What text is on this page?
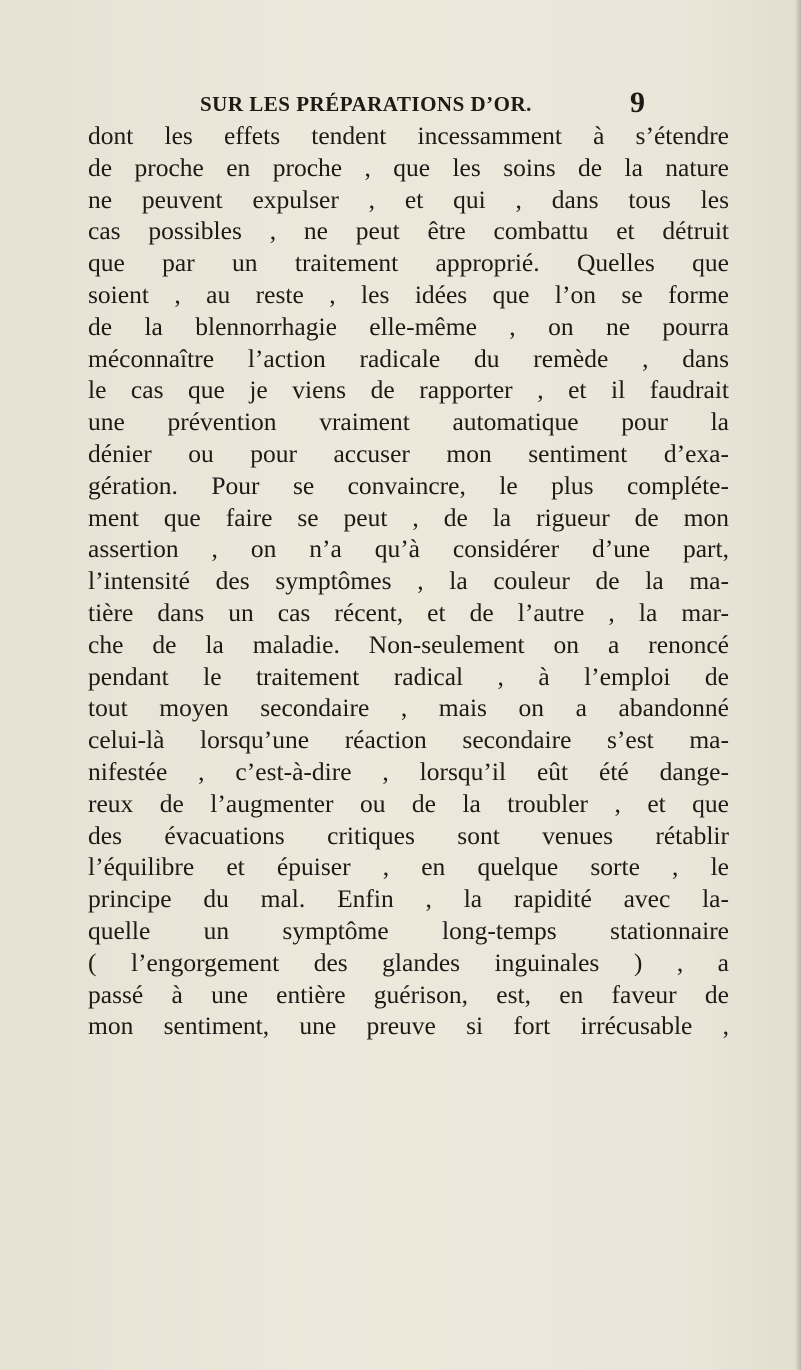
SUR LES PRÉPARATIONS D’OR.	9
dont les effets tendent incessamment à s’étendre
de proche en proche , que les soins de la nature
ne peuvent expulser , et qui , dans tous les
cas possibles , ne peut être combattu et détruit
que par un traitement approprié. Quelles que
soient , au reste , les idées que l’on se forme
de la blennorrhagie elle-même , on ne pourra
méconnaître l’action radicale du remède , dans
le cas que je viens de rapporter , et il faudrait
une prévention vraiment automatique pour la
dénier ou pour accuser mon sentiment d’exa-
gération. Pour se convaincre, le plus compléte-
ment que faire se peut , de la rigueur de mon
assertion , on n’a qu’à considérer d’une part,
l’intensité des symptômes , la couleur de la ma-
tière dans un cas récent, et de l’autre , la mar-
che de la maladie. Non-seulement on a renoncé
pendant le traitement radical , à l’emploi de
tout moyen secondaire , mais on a abandonné
celui-là lorsqu’une réaction secondaire s’est ma-
nifestée , c’est-à-dire , lorsqu’il eût été dange-
reux de l’augmenter ou de la troubler , et que
des évacuations critiques sont venues rétablir
l’équilibre et épuiser , en quelque sorte , le
principe du mal. Enfin , la rapidité avec la-
quelle un symptôme long-temps stationnaire
( l’engorgement des glandes inguinales ) , a
passé à une entière guérison, est, en faveur de
mon sentiment, une preuve si fort irrécusable ,
